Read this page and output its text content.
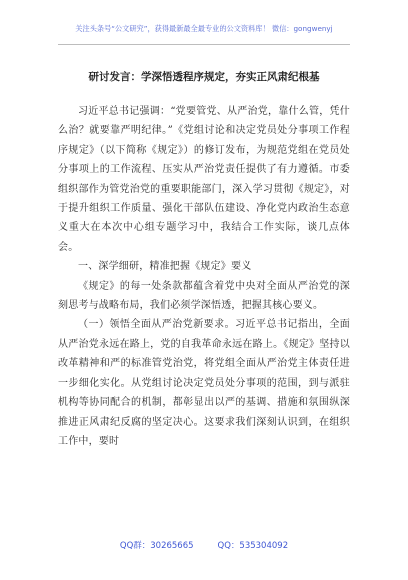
关注头条号“公文研究”，获得最新最全最专业的公文资料库！ 微信：gongwenyj
研讨发言：学深悟透程序规定，夯实正风肃纪根基

习近平总书记强调：“党要管党、从严治党，靠什么管，凭什么治？就要靠严明纪律。”《党组讨论和决定党员处分事项工作程序规定》（以下简称《规定》）的修订发布，为规范党组在党员处分事项上的工作流程、压实从严治党责任提供了有力遵循。市委组织部作为管党治党的重要职能部门，深入学习贯彻《规定》，对于提升组织工作质量、强化干部队伍建设、净化党内政治生态意义重大在本次中心组专题学习中，我结合工作实际，谈几点体会。

一、深学细研，精准把握《规定》要义

《规定》的每一处条款都蕴含着党中央对全面从严治党的深刻思考与战略布局，我们必须学深悟透，把握其核心要义。

（一）领悟全面从严治党新要求。习近平总书记指出，全面从严治党永远在路上，党的自我革命永远在路上。《规定》坚持以改革精神和严的标准管党治党，将党组全面从严治党主体责任进一步细化实化。从党组讨论决定党员处分事项的范围，到与派驻机构等协同配合的机制，都彰显出以严的基调、措施和氛围纵深推进正风肃纪反腐的坚定决心。这要求我们深刻认识到，在组织工作中，要时

QQ群：30265665	QQ：535304092
